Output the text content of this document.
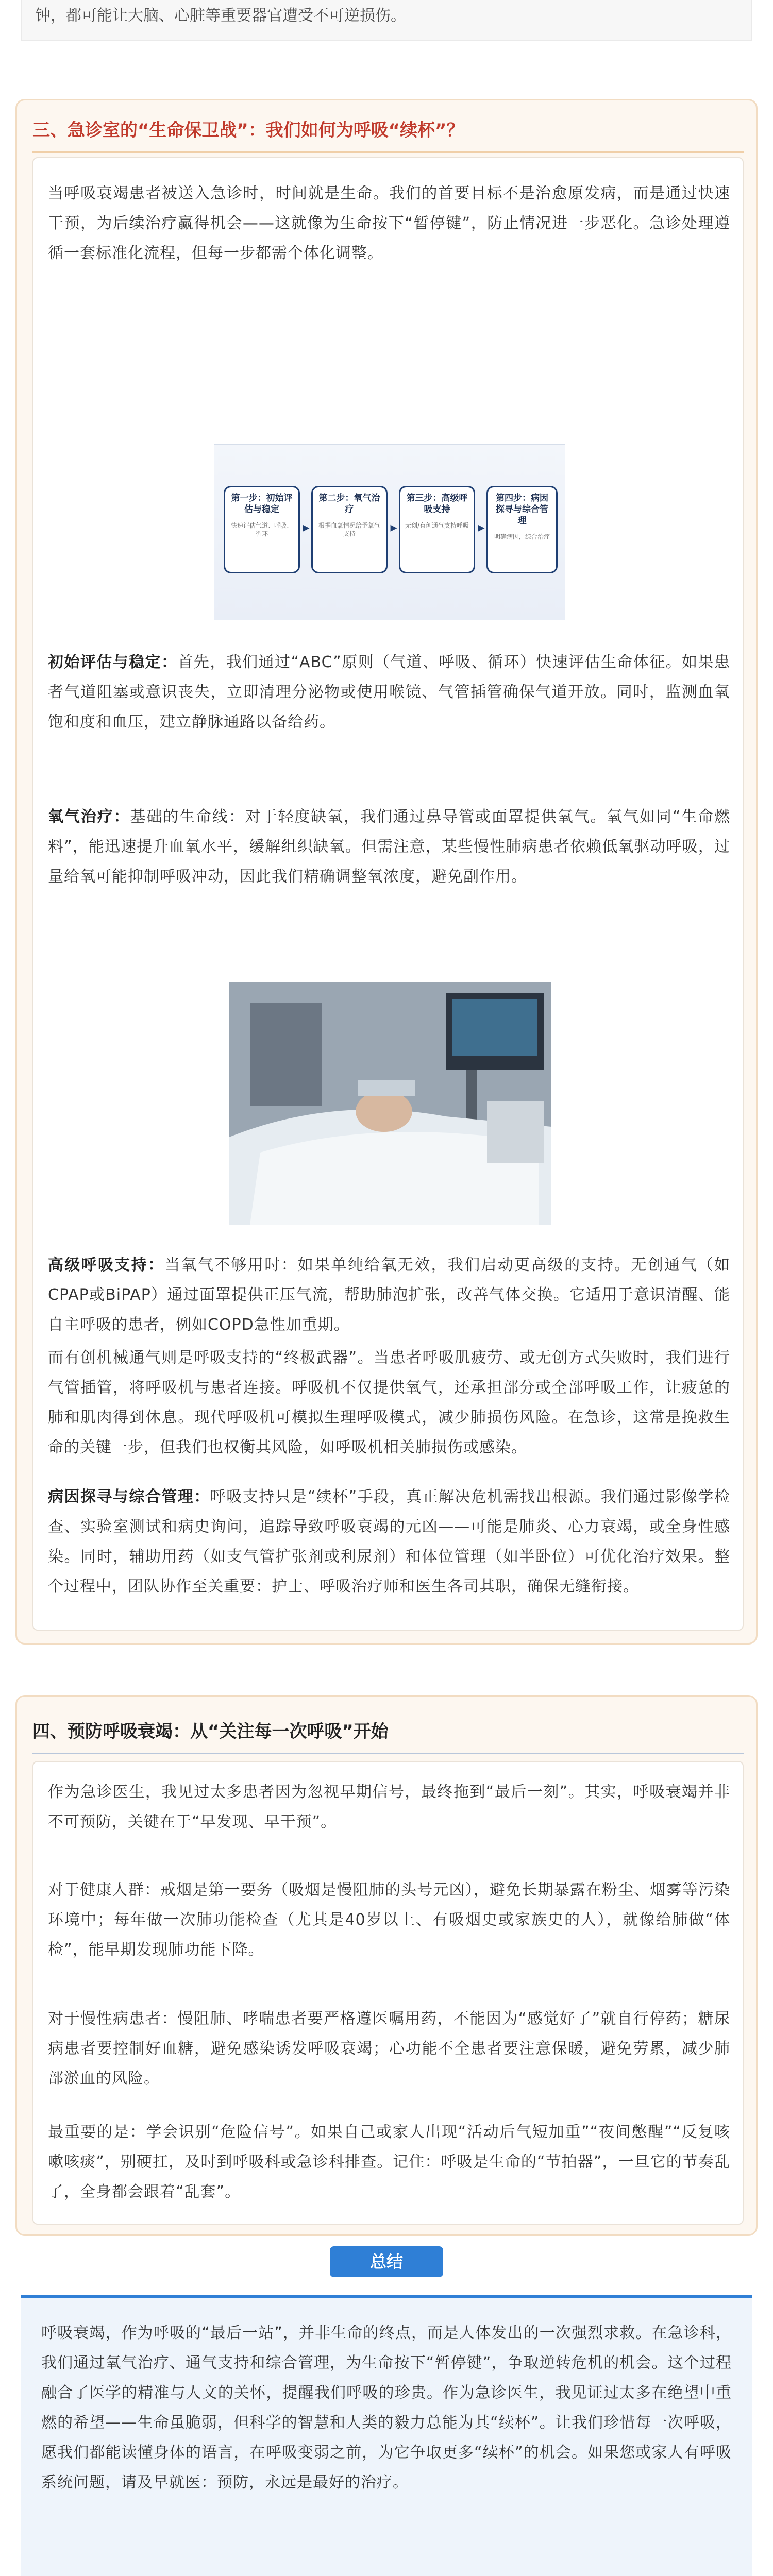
钟，都可能让大脑、心脏等重要器官遭受不可逆损伤。
三、急诊室的“生命保卫战”：我们如何为呼吸“续杯”？

当呼吸衰竭患者被送入急诊时，时间就是生命。我们的首要目标不是治愈原发病，而是通过快速干预，为后续治疗赢得机会——这就像为生命按下“暂停键”，防止情况进一步恶化。急诊处理遵循一套标准化流程，但每一步都需个体化调整。

第一步：初始评估与稳定
快速评估气道、呼吸、循环	▸
第二步：氧气治疗
根据血氧情况给予氧气支持	▸
第三步：高级呼吸支持
无创/有创通气支持呼吸 ▸
第四步：病因探寻与综合管理
明确病因，综合治疗

初始评估与稳定：首先，我们通过“ABC”原则（气道、呼吸、循环）快速评估生命体征。如果患者气道阻塞或意识丧失，立即清理分泌物或使用喉镜、气管插管确保气道开放。同时，监测血氧饱和度和血压，建立静脉通路以备给药。

氧气治疗：基础的生命线：对于轻度缺氧，我们通过鼻导管或面罩提供氧气。氧气如同“生命燃料”，能迅速提升血氧水平，缓解组织缺氧。但需注意，某些慢性肺病患者依赖低氧驱动呼吸，过量给氧可能抑制呼吸冲动，因此我们精确调整氧浓度，避免副作用。

高级呼吸支持：当氧气不够用时：如果单纯给氧无效，我们启动更高级的支持。无创通气（如CPAP或BiPAP）通过面罩提供正压气流，帮助肺泡扩张，改善气体交换。它适用于意识清醒、能自主呼吸的患者，例如COPD急性加重期。

而有创机械通气则是呼吸支持的“终极武器”。当患者呼吸肌疲劳、或无创方式失败时，我们进行气管插管，将呼吸机与患者连接。呼吸机不仅提供氧气，还承担部分或全部呼吸工作，让疲惫的肺和肌肉得到休息。现代呼吸机可模拟生理呼吸模式，减少肺损伤风险。在急诊，这常是挽救生命的关键一步，但我们也权衡其风险，如呼吸机相关肺损伤或感染。

病因探寻与综合管理：呼吸支持只是“续杯”手段，真正解决危机需找出根源。我们通过影像学检查、实验室测试和病史询问，追踪导致呼吸衰竭的元凶——可能是肺炎、心力衰竭，或全身性感染。同时，辅助用药（如支气管扩张剂或利尿剂）和体位管理（如半卧位）可优化治疗效果。整个过程中，团队协作至关重要：护士、呼吸治疗师和医生各司其职，确保无缝衔接。

四、预防呼吸衰竭：从“关注每一次呼吸”开始

作为急诊医生，我见过太多患者因为忽视早期信号，最终拖到“最后一刻”。其实，呼吸衰竭并非不可预防，关键在于“早发现、早干预”。

对于健康人群：戒烟是第一要务（吸烟是慢阻肺的头号元凶），避免长期暴露在粉尘、烟雾等污染环境中；每年做一次肺功能检查（尤其是40岁以上、有吸烟史或家族史的人），就像给肺做“体检”，能早期发现肺功能下降。

对于慢性病患者：慢阻肺、哮喘患者要严格遵医嘱用药，不能因为“感觉好了”就自行停药；糖尿病患者要控制好血糖，避免感染诱发呼吸衰竭；心功能不全患者要注意保暖，避免劳累，减少肺部淤血的风险。

最重要的是：学会识别“危险信号”。如果自己或家人出现“活动后气短加重”“夜间憋醒”“反复咳嗽咳痰”，别硬扛，及时到呼吸科或急诊科排查。记住：呼吸是生命的“节拍器”，一旦它的节奏乱了，全身都会跟着“乱套”。

总结

呼吸衰竭，作为呼吸的“最后一站”，并非生命的终点，而是人体发出的一次强烈求救。在急诊科，我们通过氧气治疗、通气支持和综合管理，为生命按下“暂停键”，争取逆转危机的机会。这个过程融合了医学的精准与人文的关怀，提醒我们呼吸的珍贵。作为急诊医生，我见证过太多在绝望中重燃的希望——生命虽脆弱，但科学的智慧和人类的毅力总能为其“续杯”。让我们珍惜每一次呼吸，愿我们都能读懂身体的语言，在呼吸变弱之前，为它争取更多“续杯”的机会。如果您或家人有呼吸系统问题，请及早就医：预防，永远是最好的治疗。
